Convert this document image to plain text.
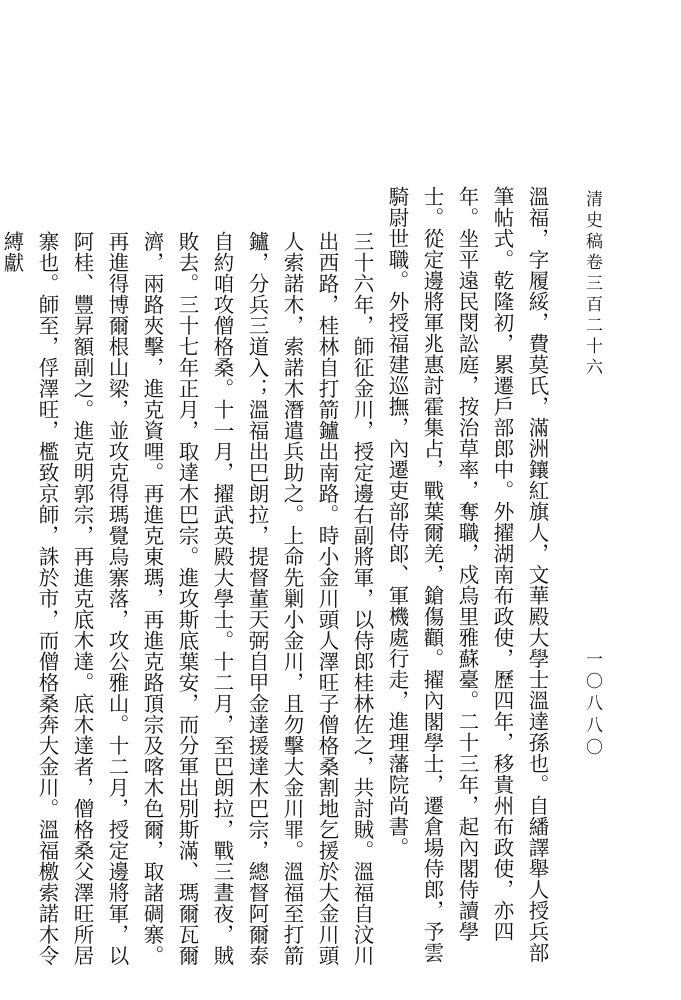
清史稿卷三百二十六
一〇八八〇

溫福，字履綏，費莫氏，滿洲鑲紅旗人，文華殿大學士溫達孫也。自繙譯舉人授兵部筆帖式。乾隆初，累遷戶部郎中。外擢湖南布政使，歷四年，移貴州布政使，亦四年。坐平遠民閔訟庭，按治草率，奪職，戍烏里雅蘇臺。二十三年，起內閣侍讀學士。從定邊將軍兆惠討霍集占，戰葉爾羌，鎗傷顴。擢內閣學士，遷倉場侍郎，予雲騎尉世職。外授福建巡撫，內遷吏部侍郎、軍機處行走，進理藩院尚書。

三十六年，師征金川，授定邊右副將軍，以侍郎桂林佐之，共討賊。溫福自汶川出西路，桂林自打箭鑪出南路。時小金川頭人澤旺子僧格桑割地乞援於大金川頭人索諾木，索諾木潛遣兵助之。上命先剿小金川，且勿擊大金川罪。溫福至打箭鑪，分兵三道入；溫福出巴朗拉，提督董天弼自甲金達援達木巴宗，總督阿爾泰自約咱攻僧格桑。十一月，擢武英殿大學士。十二月，至巴朗拉，戰三晝夜，賊敗去。三十七年正月，取達木巴宗。進攻斯底葉安，而分軍出別斯滿、瑪爾瓦爾濟，兩路夾擊，進克資哩。再進克東瑪，再進克路頂宗及喀木色爾，取諸碉寨。再進得博爾根山梁，並攻克得瑪覺烏寨落，攻公雅山。十二月，授定邊將軍，以阿桂、豐昇額副之。進克明郭宗，再進克底木達。底木達者，僧格桑父澤旺所居寨也。師至，俘澤旺，檻致京師，誅於市，而僧格桑奔大金川。溫福檄索諾木令縛獻
